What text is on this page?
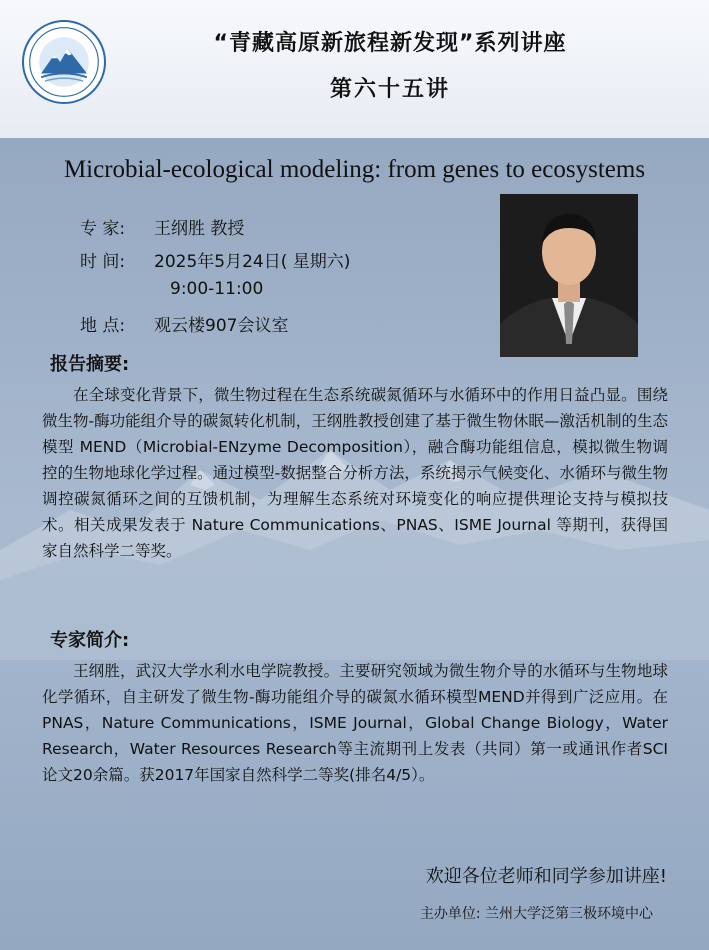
“青藏高原新旅程新发现”系列讲座
第六十五讲
Microbial-ecological modeling: from genes to ecosystems
专 家: 王纲胜 教授
时 间: 2025年5月24日( 星期六)
9:00-11:00
地 点: 观云楼907会议室
报告摘要:
在全球变化背景下，微生物过程在生态系统碳氮循环与水循环中的作用日益凸显。围绕微生物-酶功能组介导的碳氮转化机制，王纲胜教授创建了基于微生物休眠—激活机制的生态模型 MEND（Microbial-ENzyme Decomposition），融合酶功能组信息，模拟微生物调控的生物地球化学过程。通过模型-数据整合分析方法，系统揭示气候变化、水循环与微生物调控碳氮循环之间的互馈机制，为理解生态系统对环境变化的响应提供理论支持与模拟技术。相关成果发表于 Nature Communications、PNAS、ISME Journal 等期刊，获得国家自然科学二等奖。
专家简介:
王纲胜，武汉大学水利水电学院教授。主要研究领域为微生物介导的水循环与生物地球化学循环，自主研发了微生物-酶功能组介导的碳氮水循环模型MEND并得到广泛应用。在PNAS，Nature Communications，ISME Journal，Global Change Biology，Water Research，Water Resources Research等主流期刊上发表（共同）第一或通讯作者SCI论文20余篇。获2017年国家自然科学二等奖(排名4/5）。
欢迎各位老师和同学参加讲座!
主办单位: 兰州大学泛第三极环境中心
